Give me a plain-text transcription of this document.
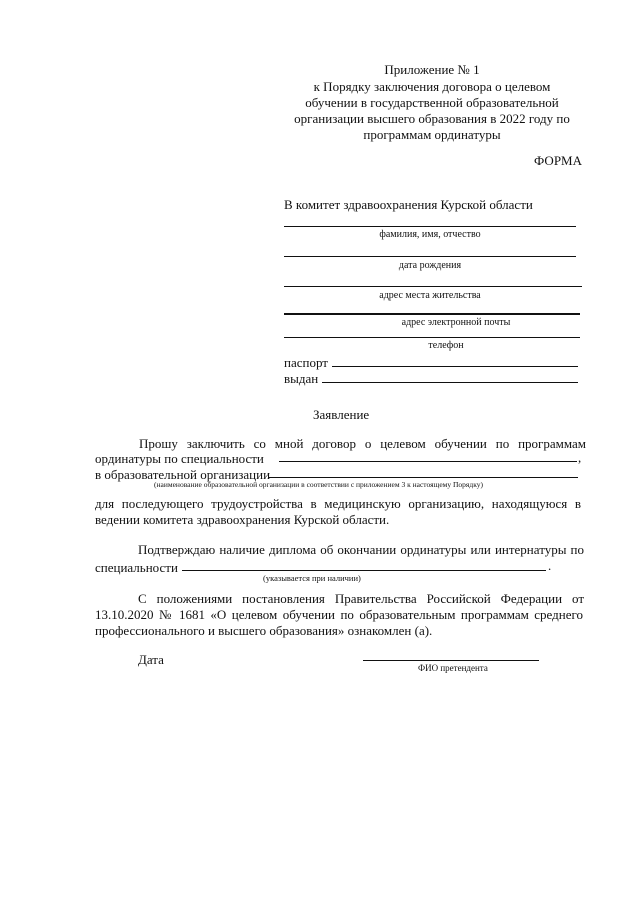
Приложение № 1
к Порядку заключения договора о целевом
обучении в государственной образовательной
организации высшего образования в 2022 году по
программам ординатуры
ФОРМА
В комитет здравоохранения Курской области
фамилия, имя, отчество
дата рождения
адрес места жительства
адрес электронной почты
телефон
паспорт
выдан
Заявление
Прошу заключить со мной договор о целевом обучении по программам
ординатуры по специальности	,
в образовательной организации
(наименование образовательной организации в соответствии с приложением 3 к настоящему Порядку)
для последующего трудоустройства в медицинскую организацию, находящуюся в
ведении комитета здравоохранения Курской области.
Подтверждаю наличие диплома об окончании ординатуры или интернатуры по
специальности	.
(указывается при наличии)
С положениями постановления Правительства Российской Федерации от
13.10.2020 № 1681 «О целевом обучении по образовательным программам среднего
профессионального и высшего образования» ознакомлен (а).
Дата
ФИО претендента
